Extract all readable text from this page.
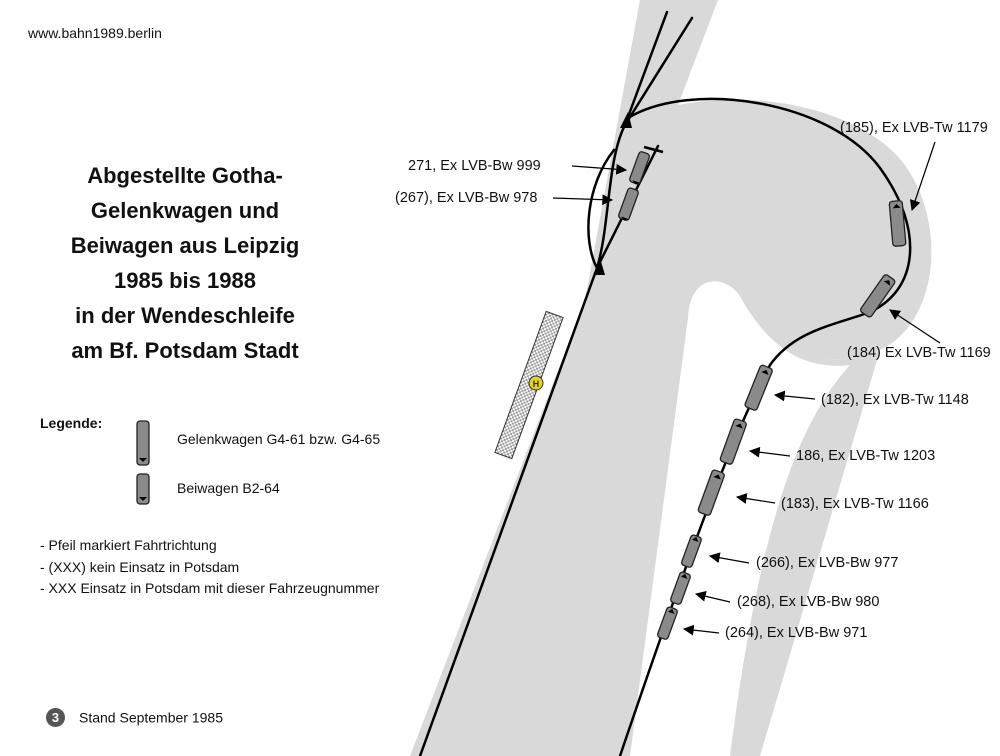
www.bahn1989.berlin
Abgestellte Gotha-
Gelenkwagen und
Beiwagen aus Leipzig
1985 bis 1988
in der Wendeschleife
am Bf. Potsdam Stadt
Legende:
Gelenkwagen G4-61 bzw. G4-65
Beiwagen B2-64
- Pfeil markiert Fahrtrichtung
- (XXX) kein Einsatz in Potsdam
- XXX Einsatz in Potsdam mit dieser Fahrzeugnummer
3 Stand September 1985
H
271, Ex LVB-Bw 999
(267), Ex LVB-Bw 978
(185), Ex LVB-Tw 1179
(184) Ex LVB-Tw 1169
(182), Ex LVB-Tw 1148
186, Ex LVB-Tw 1203
(183), Ex LVB-Tw 1166
(266), Ex LVB-Bw 977
(268), Ex LVB-Bw 980
(264), Ex LVB-Bw 971
